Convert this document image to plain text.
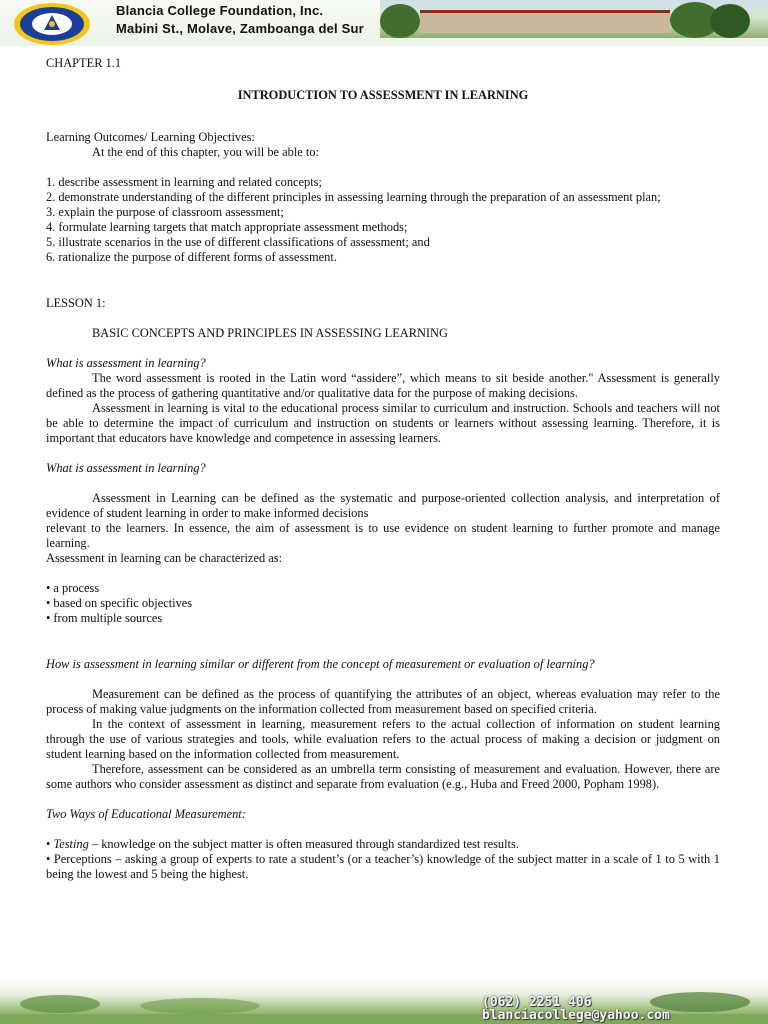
Blancia College Foundation, Inc.
Mabini St., Molave, Zamboanga del Sur

CHAPTER 1.1

INTRODUCTION TO ASSESSMENT IN LEARNING

Learning Outcomes/ Learning Objectives:

At the end of this chapter, you will be able to:

1. describe assessment in learning and related concepts;

2. demonstrate understanding of the different principles in assessing learning through the preparation of an assessment plan;

3. explain the purpose of classroom assessment;

4. formulate learning targets that match appropriate assessment methods;

5. illustrate scenarios in the use of different classifications of assessment; and

6. rationalize the purpose of different forms of assessment.

LESSON 1:

BASIC CONCEPTS AND PRINCIPLES IN ASSESSING LEARNING

What is assessment in learning?

The word assessment is rooted in the Latin word “assidere”, which means to sit beside another." Assessment is generally defined as the process of gathering quantitative and/or qualitative data for the purpose of making decisions.

Assessment in learning is vital to the educational process similar to curriculum and instruction. Schools and teachers will not be able to determine the impact of curriculum and instruction on students or learners without assessing learning. Therefore, it is important that educators have knowledge and competence in assessing learners.

What is assessment in learning?

Assessment in Learning can be defined as the systematic and purpose-oriented collection analysis, and interpretation of evidence of student learning in order to make informed decisions

relevant to the learners. In essence, the aim of assessment is to use evidence on student learning to further promote and manage learning.

Assessment in learning can be characterized as:

• a process

• based on specific objectives

• from multiple sources

How is assessment in learning similar or different from the concept of measurement or evaluation of learning?

Measurement can be defined as the process of quantifying the attributes of an object, whereas evaluation may refer to the process of making value judgments on the information collected from measurement based on specified criteria.

In the context of assessment in learning, measurement refers to the actual collection of information on student learning through the use of various strategies and tools, while evaluation refers to the actual process of making a decision or judgment on student learning based on the information collected from measurement.

Therefore, assessment can be considered as an umbrella term consisting of measurement and evaluation. However, there are some authors who consider assessment as distinct and separate from evaluation (e.g., Huba and Freed 2000, Popham 1998).

Two Ways of Educational Measurement:

• Testing – knowledge on the subject matter is often measured through standardized test results.

• Perceptions – asking a group of experts to rate a student’s (or a teacher’s) knowledge of the subject matter in a scale of 1 to 5 with 1 being the lowest and 5 being the highest.

(062) 2251 406
blanciacollege@yahoo.com
